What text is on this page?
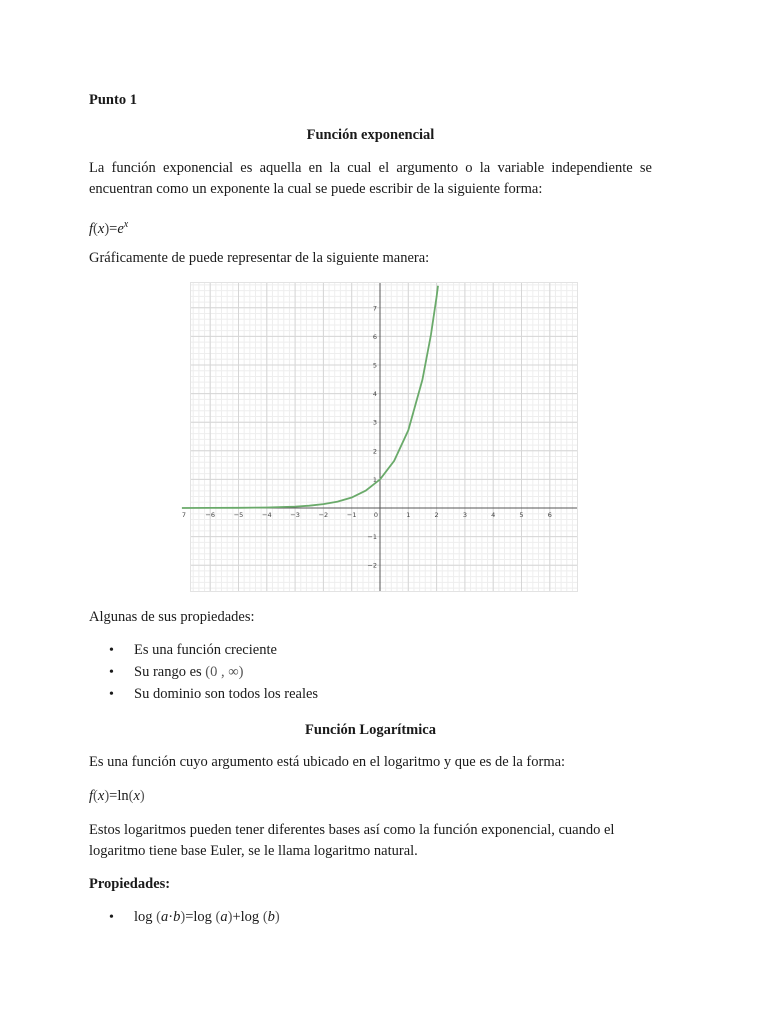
Punto 1

Función exponencial

La función exponencial es aquella en la cual el argumento o la variable independiente se encuentran como un exponente la cual se puede escribir de la siguiente forma:

$f(x)=e^x$

Gráficamente de puede representar de la siguiente manera:

Algunas de sus propiedades:

• Es una función creciente
• Su rango es (0 , ∞)
• Su dominio son todos los reales

Función Logarítmica

Es una función cuyo argumento está ubicado en el logaritmo y que es de la forma:

f(x)=ln(x)

Estos logaritmos pueden tener diferentes bases así como la función exponencial, cuando el logaritmo tiene base Euler, se le llama logaritmo natural.

Propiedades:

• log (a·b)=log (a)+log (b)
7	−6	−5	−4	−3	−2	−1	0	1	2	3	4	5	6
7
6
5
4
3
2
1
−1
−2
